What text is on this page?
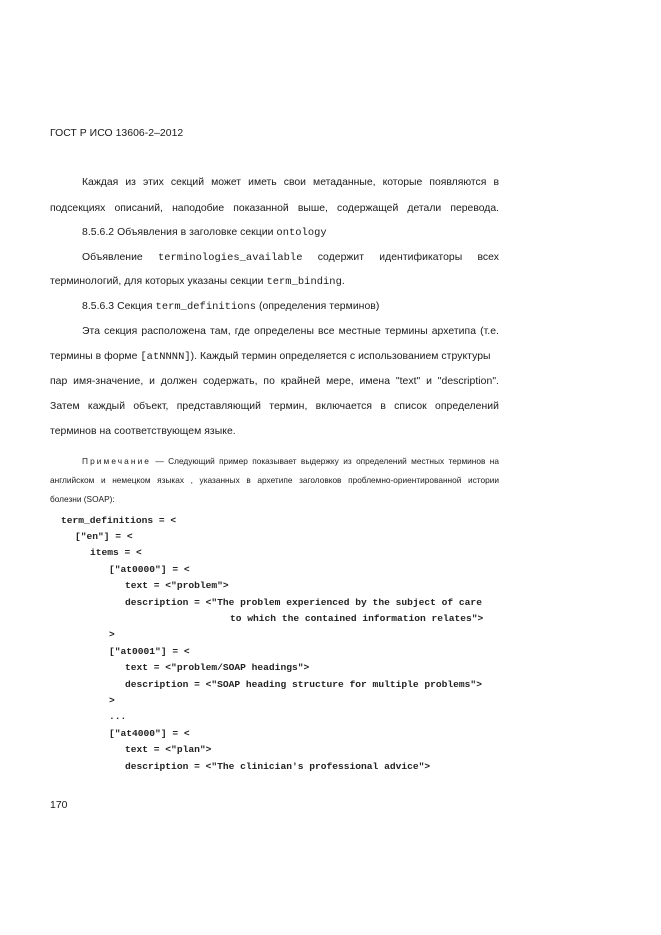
ГОСТ Р ИСО 13606-2–2012
Каждая из этих секций может иметь свои метаданные, которые появляются в
подсекциях описаний, наподобие показанной выше, содержащей детали перевода.
8.5.6.2 Объявления в заголовке секции ontology
Объявление terminologies_available содержит идентификаторы всех
терминологий, для которых указаны секции term_binding.
8.5.6.3 Секция term_definitions (определения терминов)
Эта секция расположена там, где определены все местные термины архетипа (т.е.
термины в форме [atNNNN]). Каждый термин определяется с использованием структуры
пар имя-значение, и должен содержать, по крайней мере, имена "text" и "description".
Затем каждый объект, представляющий термин, включается в список определений
терминов на соответствующем языке.
Примечание — Следующий пример показывает выдержку из определений местных терминов на
английском и немецком языках , указанных в архетипе заголовков проблемно-ориентированной истории
болезни (SOAP):
term_definitions = <
["en"] = <
items = <
["at0000"] = <
text = <"problem">
description = <"The problem experienced by the subject of care
to which the contained information relates">
>
["at0001"] = <
text = <"problem/SOAP headings">
description = <"SOAP heading structure for multiple problems">
>
...
["at4000"] = <
text = <"plan">
description = <"The clinician's professional advice">
170
